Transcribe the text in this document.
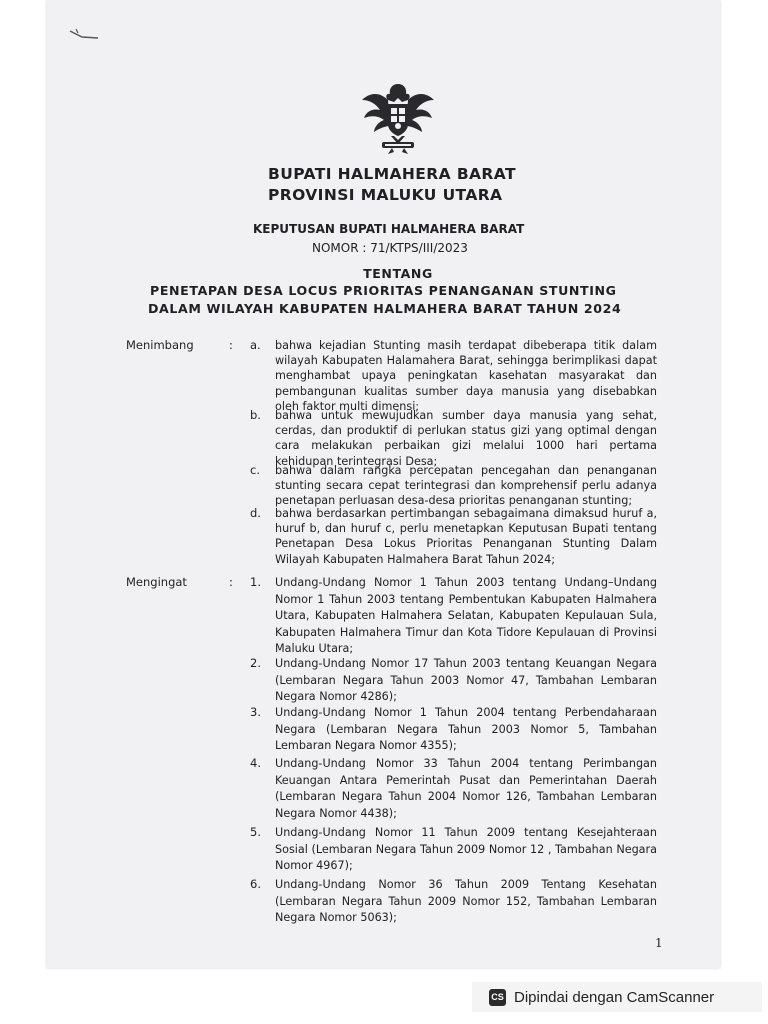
BUPATI HALMAHERA BARAT
PROVINSI MALUKU UTARA
KEPUTUSAN BUPATI HALMAHERA BARAT
NOMOR : 71/KTPS/III/2023
TENTANG
PENETAPAN DESA LOCUS PRIORITAS PENANGANAN STUNTING
DALAM WILAYAH KABUPATEN HALMAHERA BARAT TAHUN 2024
Menimbang	: a. bahwa kejadian Stunting masih terdapat dibeberapa titik dalam wilayah Kabupaten Halamahera Barat, sehingga berimplikasi dapat menghambat upaya peningkatan kasehatan masyarakat dan pembangunan kualitas sumber daya manusia yang disebabkan oleh faktor multi dimensi;
b. bahwa untuk mewujudkan sumber daya manusia yang sehat, cerdas, dan produktif di perlukan status gizi yang optimal dengan cara melakukan perbaikan gizi melalui 1000 hari pertama kehidupan terintegrasi Desa;
c. bahwa dalam rangka percepatan pencegahan dan penanganan stunting secara cepat terintegrasi dan komprehensif perlu adanya penetapan perluasan desa-desa prioritas penanganan stunting;
d. bahwa berdasarkan pertimbangan sebagaimana dimaksud huruf a, huruf b, dan huruf c, perlu menetapkan Keputusan Bupati tentang Penetapan Desa Lokus Prioritas Penanganan Stunting Dalam Wilayah Kabupaten Halmahera Barat Tahun 2024;
Mengingat	: 1. Undang-Undang Nomor 1 Tahun 2003 tentang Undang–Undang Nomor 1 Tahun 2003 tentang Pembentukan Kabupaten Halmahera Utara, Kabupaten Halmahera Selatan, Kabupaten Kepulauan Sula, Kabupaten Halmahera Timur dan Kota Tidore Kepulauan di Provinsi Maluku Utara;
2. Undang-Undang Nomor 17 Tahun 2003 tentang Keuangan Negara (Lembaran Negara Tahun 2003 Nomor 47, Tambahan Lembaran Negara Nomor 4286);
3. Undang-Undang Nomor 1 Tahun 2004 tentang Perbendaharaan Negara (Lembaran Negara Tahun 2003 Nomor 5, Tambahan Lembaran Negara Nomor 4355);
4. Undang-Undang Nomor 33 Tahun 2004 tentang Perimbangan Keuangan Antara Pemerintah Pusat dan Pemerintahan Daerah (Lembaran Negara Tahun 2004 Nomor 126, Tambahan Lembaran Negara Nomor 4438);
5. Undang-Undang Nomor 11 Tahun 2009 tentang Kesejahteraan Sosial (Lembaran Negara Tahun 2009 Nomor 12 , Tambahan Negara Nomor 4967);
6. Undang-Undang Nomor 36 Tahun 2009 Tentang Kesehatan (Lembaran Negara Tahun 2009 Nomor 152, Tambahan Lembaran Negara Nomor 5063);
1
CS Dipindai dengan CamScanner
